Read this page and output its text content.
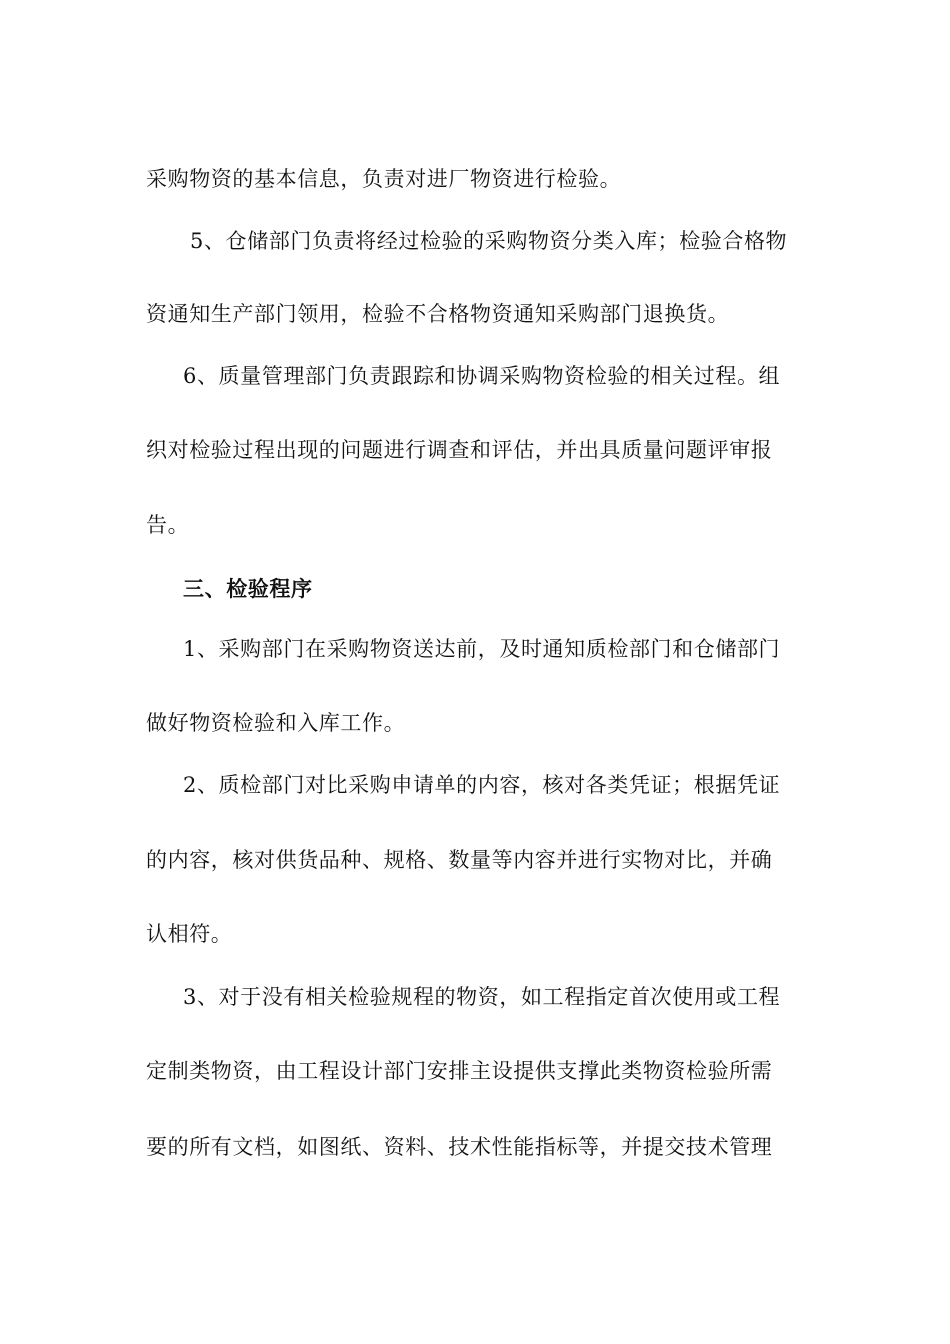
采购物资的基本信息，负责对进厂物资进行检验。
5、仓储部门负责将经过检验的采购物资分类入库；检验合格物
资通知生产部门领用，检验不合格物资通知采购部门退换货。
6、质量管理部门负责跟踪和协调采购物资检验的相关过程。组
织对检验过程出现的问题进行调查和评估，并出具质量问题评审报
告。
三、检验程序
1、采购部门在采购物资送达前，及时通知质检部门和仓储部门
做好物资检验和入库工作。
2、质检部门对比采购申请单的内容，核对各类凭证；根据凭证
的内容，核对供货品种、规格、数量等内容并进行实物对比，并确
认相符。
3、对于没有相关检验规程的物资，如工程指定首次使用或工程
定制类物资，由工程设计部门安排主设提供支撑此类物资检验所需
要的所有文档，如图纸、资料、技术性能指标等，并提交技术管理
